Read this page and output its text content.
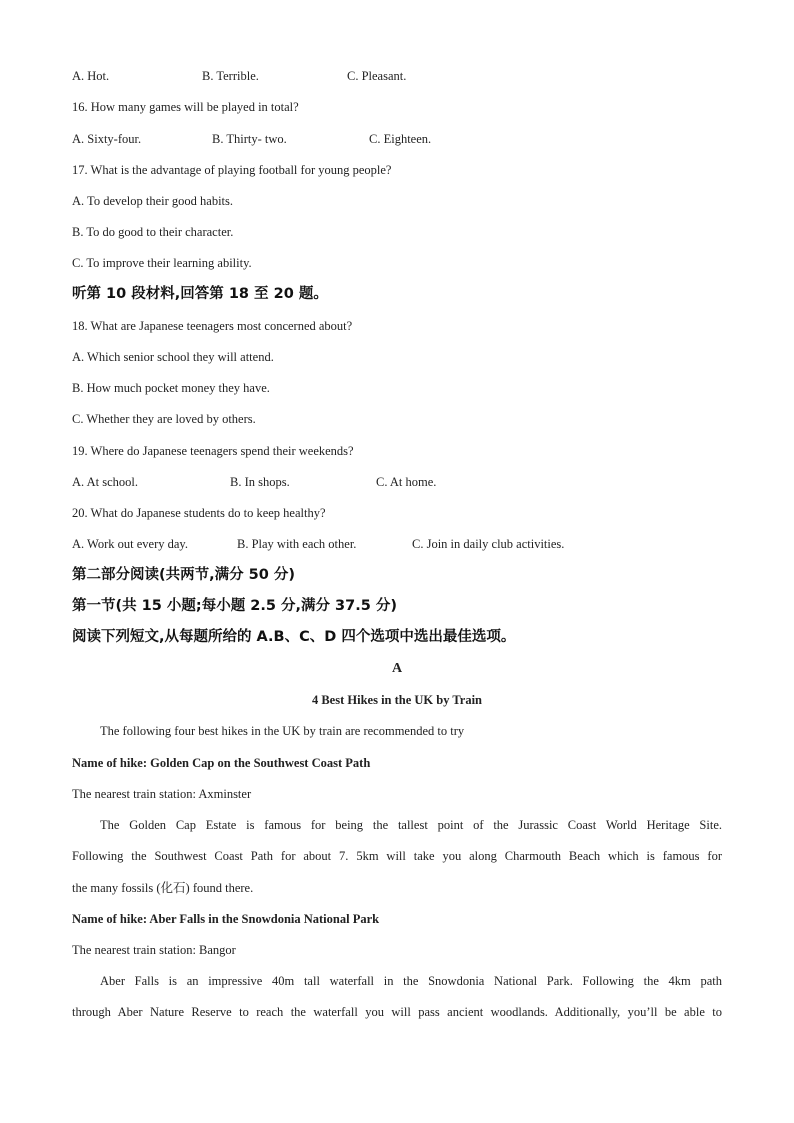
A. Hot.	B. Terrible.	C. Pleasant.
16. How many games will be played in total?
A. Sixty-four.	B. Thirty- two.	C. Eighteen.
17. What is the advantage of playing football for young people?
A. To develop their good habits.
B. To do good to their character.
C. To improve their learning ability.
听第 10 段材料,回答第 18 至 20 题。
18. What are Japanese teenagers most concerned about?
A. Which senior school they will attend.
B. How much pocket money they have.
C. Whether they are loved by others.
19. Where do Japanese teenagers spend their weekends?
A. At school.	B. In shops.	C. At home.
20. What do Japanese students do to keep healthy?
A. Work out every day.	B. Play with each other.	C. Join in daily club activities.
第二部分阅读(共两节,满分 50 分)
第一节(共 15 小题;每小题 2.5 分,满分 37.5 分)
阅读下列短文,从每题所给的 A.B、C、D 四个选项中选出最佳选项。
A
4 Best Hikes in the UK by Train
The following four best hikes in the UK by train are recommended to try
Name of hike: Golden Cap on the Southwest Coast Path
The nearest train station: Axminster
The Golden Cap Estate is famous for being the tallest point of the Jurassic Coast World Heritage Site.
Following the Southwest Coast Path for about 7. 5km will take you along Charmouth Beach which is famous for
the many fossils (化石) found there.
Name of hike: Aber Falls in the Snowdonia National Park
The nearest train station: Bangor
Aber Falls is an impressive 40m tall waterfall in the Snowdonia National Park. Following the 4km path
through Aber Nature Reserve to reach the waterfall you will pass ancient woodlands. Additionally, you’ll be able to
